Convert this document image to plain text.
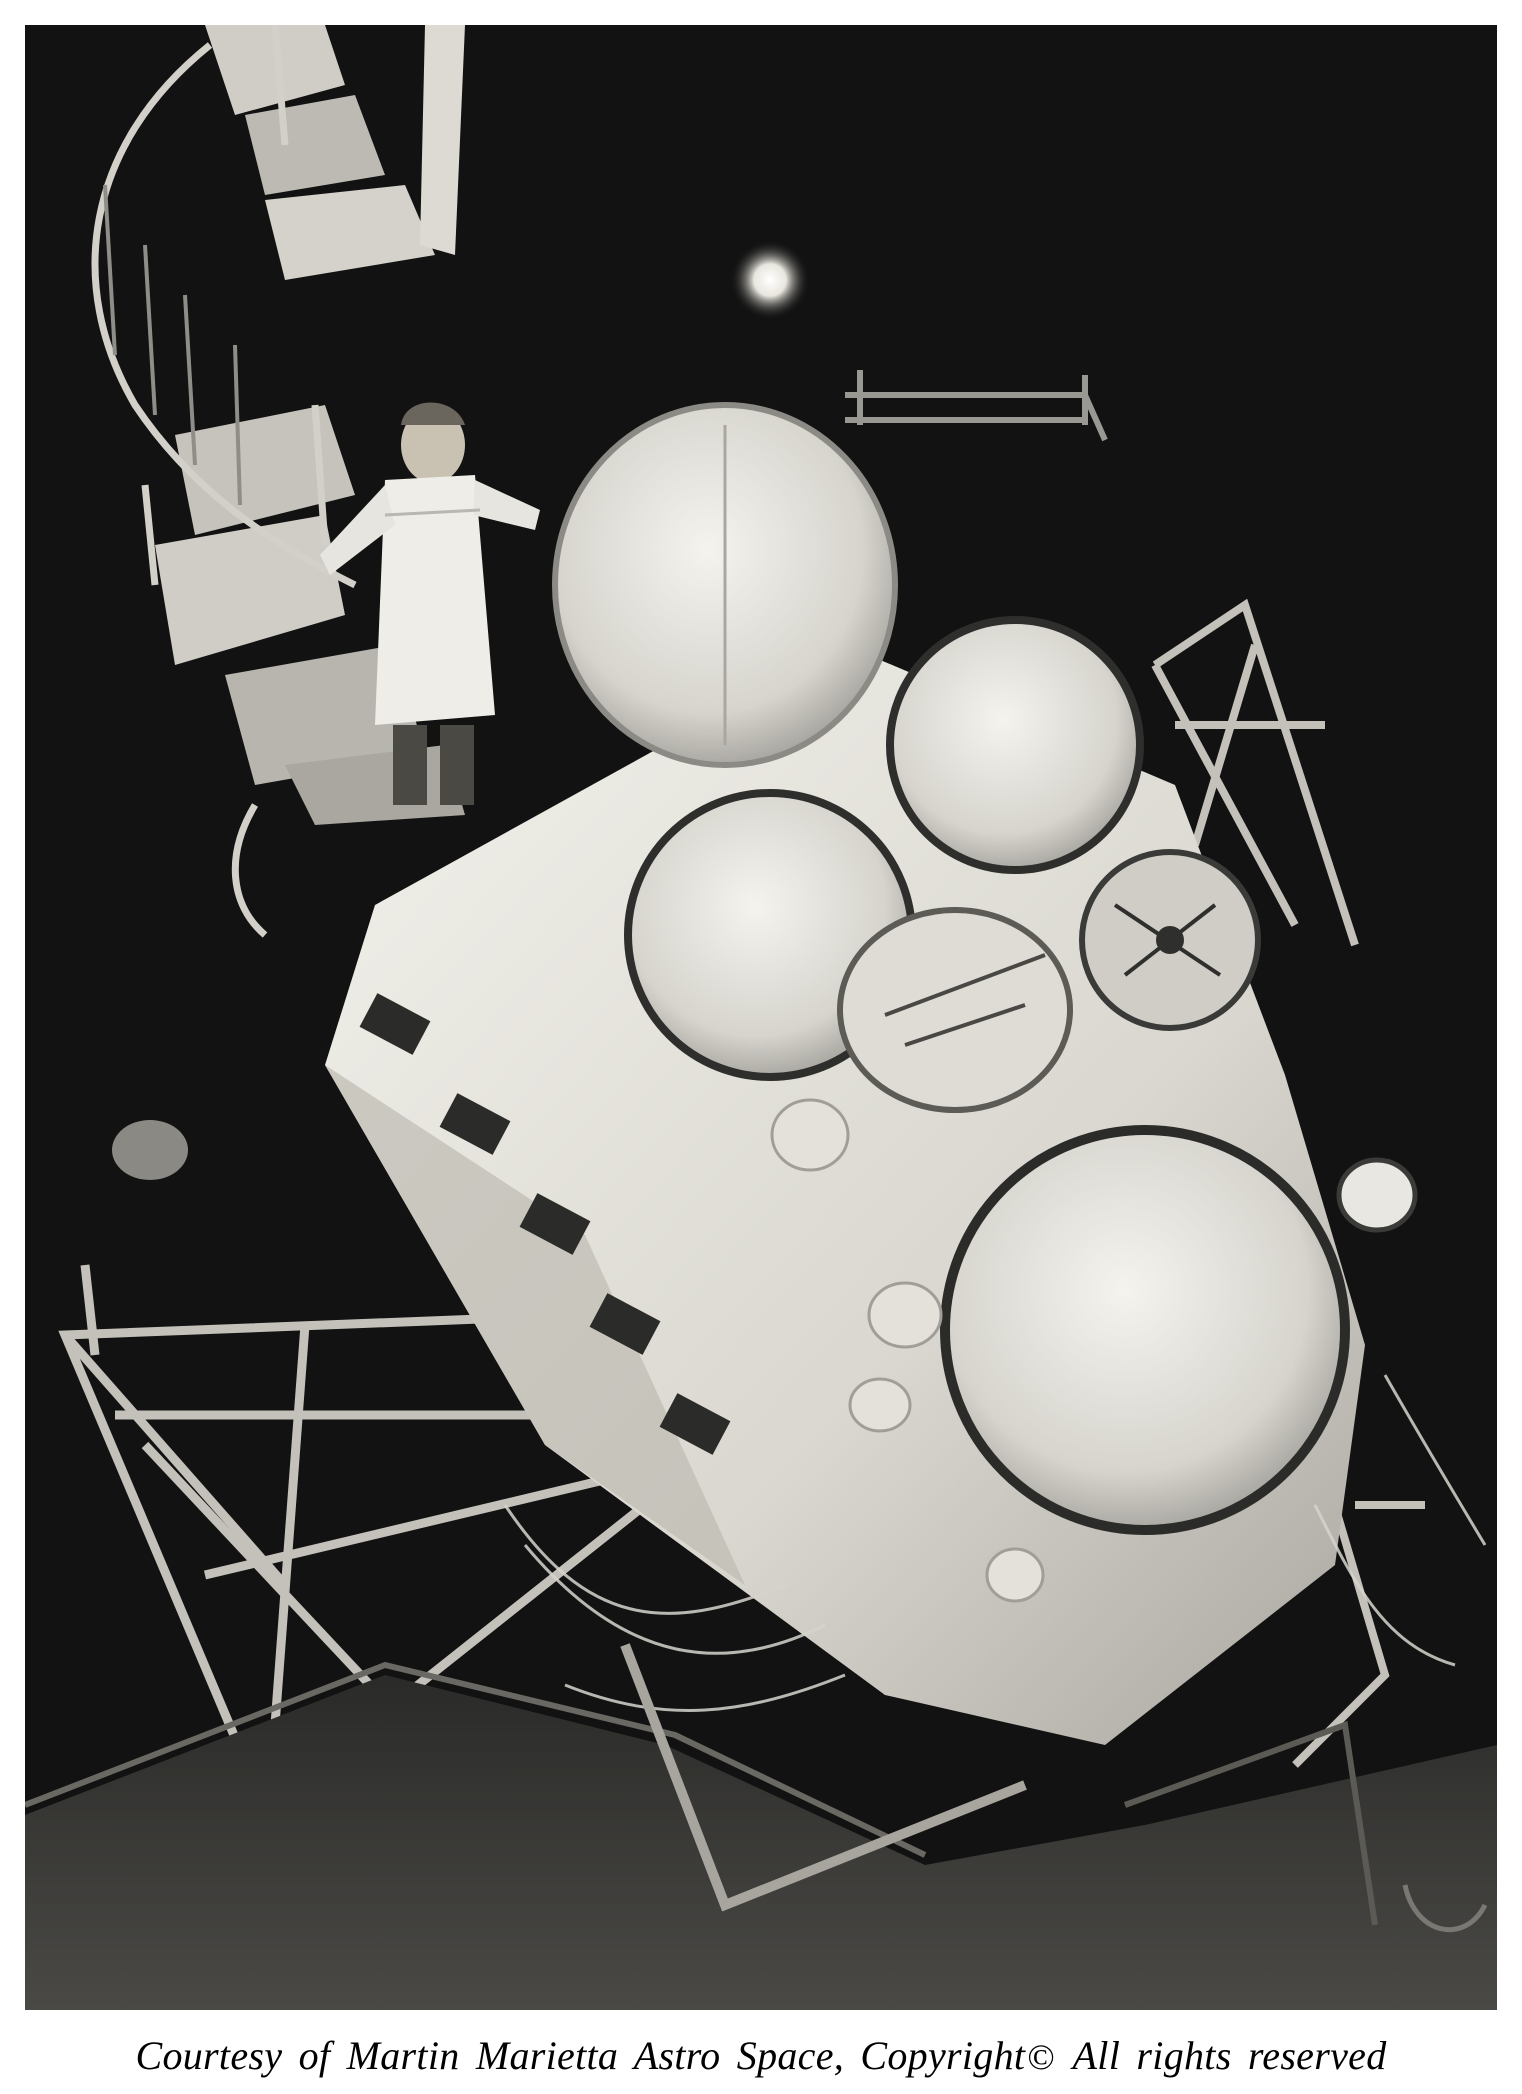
Courtesy of Martin Marietta Astro Space, Copyright© All rights reserved
